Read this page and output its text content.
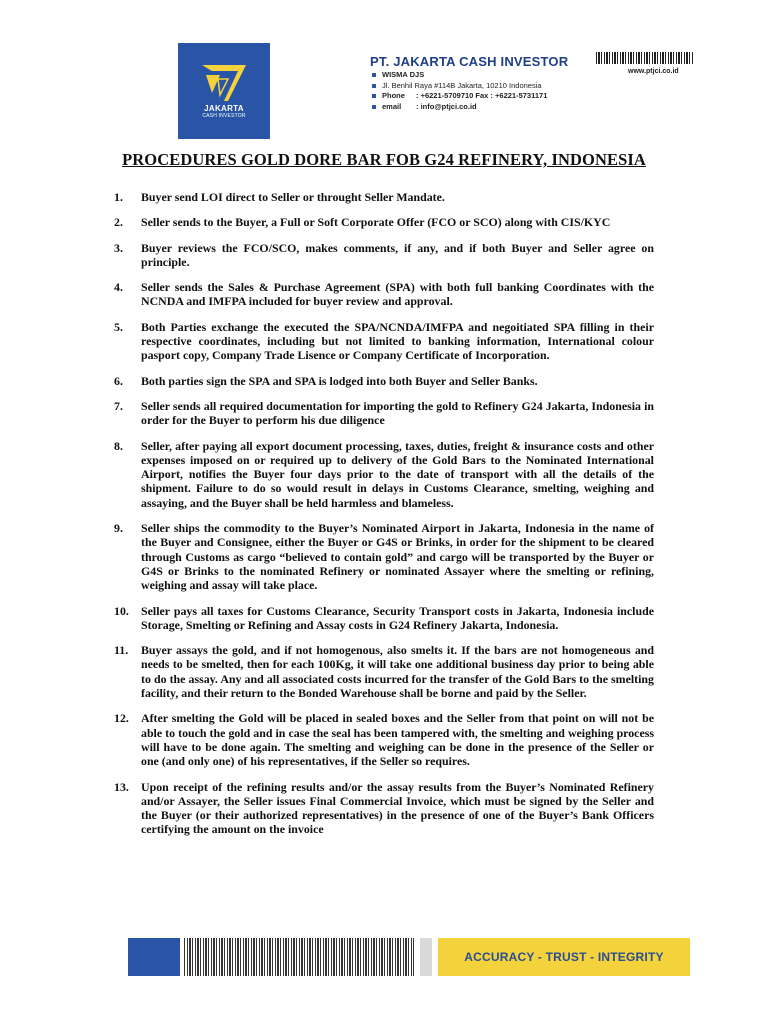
JAKARTA
CASH INVESTOR
PT. JAKARTA CASH INVESTOR
WISMA DJS
Jl. Benhil Raya #114B Jakarta, 10210 Indonesia
Phone	: +6221-5709710 Fax : +6221-5731171
email	: info@ptjci.co.id
www.ptjci.co.id
PROCEDURES GOLD DORE BAR FOB G24 REFINERY, INDONESIA
1.	Buyer send LOI direct to Seller or throught Seller Mandate.
2.	Seller sends to the Buyer, a Full or Soft Corporate Offer (FCO or SCO) along with CIS/KYC
3.	Buyer reviews the FCO/SCO, makes comments, if any, and if both Buyer and Seller agree on principle.
4.	Seller sends the Sales & Purchase Agreement (SPA) with both full banking Coordinates with the NCNDA and IMFPA included for buyer review and approval.
5.	Both Parties exchange the executed the SPA/NCNDA/IMFPA and negoitiated SPA filling in their respective coordinates, including but not limited to banking information, International colour pasport copy, Company Trade Lisence or Company Certificate of Incorporation.
6.	Both parties sign the SPA and SPA is lodged into both Buyer and Seller Banks.
7.	Seller sends all required documentation for importing the gold to Refinery G24 Jakarta, Indonesia in order for the Buyer to perform his due diligence
8.	Seller, after paying all export document processing, taxes, duties, freight & insurance costs and other expenses imposed on or required up to delivery of the Gold Bars to the Nominated International Airport, notifies the Buyer four days prior to the date of transport with all the details of the shipment. Failure to do so would result in delays in Customs Clearance, smelting, weighing and assaying, and the Buyer shall be held harmless and blameless.
9.	Seller ships the commodity to the Buyer’s Nominated Airport in Jakarta, Indonesia in the name of the Buyer and Consignee, either the Buyer or G4S or Brinks, in order for the shipment to be cleared through Customs as cargo “believed to contain gold” and cargo will be transported by the Buyer or G4S or Brinks to the nominated Refinery or nominated Assayer where the smelting or refining, weighing and assay will take place.
10.	Seller pays all taxes for Customs Clearance, Security Transport costs in Jakarta, Indonesia include Storage, Smelting or Refining and Assay costs in G24 Refinery Jakarta, Indonesia.
11.	Buyer assays the gold, and if not homogenous, also smelts it. If the bars are not homogeneous and needs to be smelted, then for each 100Kg, it will take one additional business day prior to being able to do the assay. Any and all associated costs incurred for the transfer of the Gold Bars to the smelting facility, and their return to the Bonded Warehouse shall be borne and paid by the Seller.
12.	After smelting the Gold will be placed in sealed boxes and the Seller from that point on will not be able to touch the gold and in case the seal has been tampered with, the smelting and weighing process will have to be done again. The smelting and weighing can be done in the presence of the Seller or one (and only one) of his representatives, if the Seller so requires.
13.	Upon receipt of the refining results and/or the assay results from the Buyer’s Nominated Refinery and/or Assayer, the Seller issues Final Commercial Invoice, which must be signed by the Seller and the Buyer (or their authorized representatives) in the presence of one of the Buyer’s Bank Officers certifying the amount on the invoice
ACCURACY - TRUST - INTEGRITY
